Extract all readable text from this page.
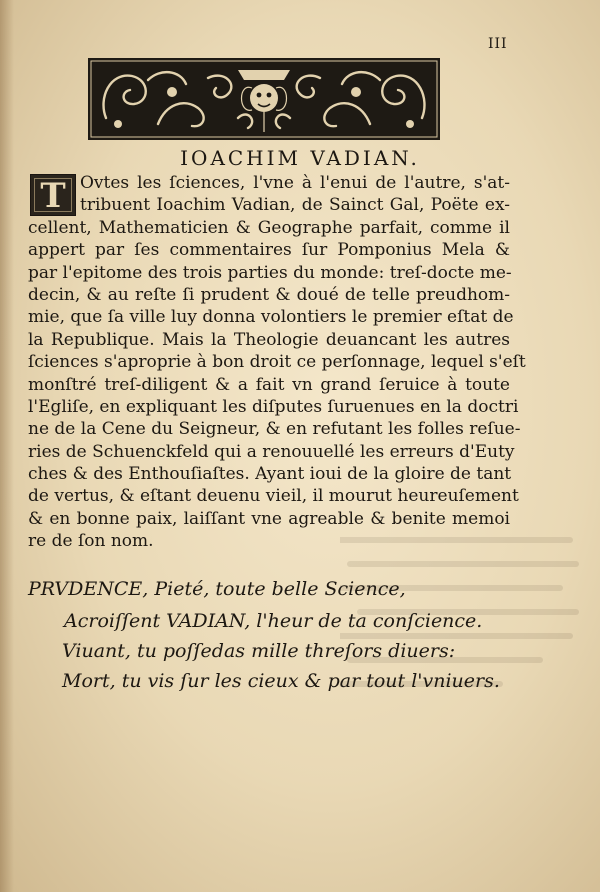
III
IOACHIM VADIAN.
T Ovtes les ſciences, l'vne à l'enui de l'autre, s'at-
tribuent Ioachim Vadian, de Sainct Gal, Poëte ex-
cellent, Mathematicien & Geographe parfait, comme il
appert par ſes commentaires ſur Pomponius Mela &
par l'epitome des trois parties du monde: treſ-docte me-
decin, & au reſte ſi prudent & doué de telle preudhom-
mie, que ſa ville luy donna volontiers le premier eſtat de
la Republique. Mais la Theologie deuancant les autres
ſciences s'aproprie à bon droit ce perſonnage, lequel s'eſt
monſtré treſ-diligent & a fait vn grand ſeruice à toute
l'Egliſe, en expliquant les diſputes ſuruenues en la doctri
ne de la Cene du Seigneur, & en refutant les folles reſue-
ries de Schuenckfeld qui a renouuellé les erreurs d'Euty
ches & des Enthouſiaſtes. Ayant ioui de la gloire de tant
de vertus, & eſtant deuenu vieil, il mourut heureuſement
& en bonne paix, laiſſant vne agreable & benite memoi
re de ſon nom.
PRVDENCE, Pieté, toute belle Science,
Acroiſſent VADIAN, l'heur de ta conſcience.
Viuant, tu poſſedas mille threſors diuers:
Mort, tu vis ſur les cieux & par tout l'vniuers.
